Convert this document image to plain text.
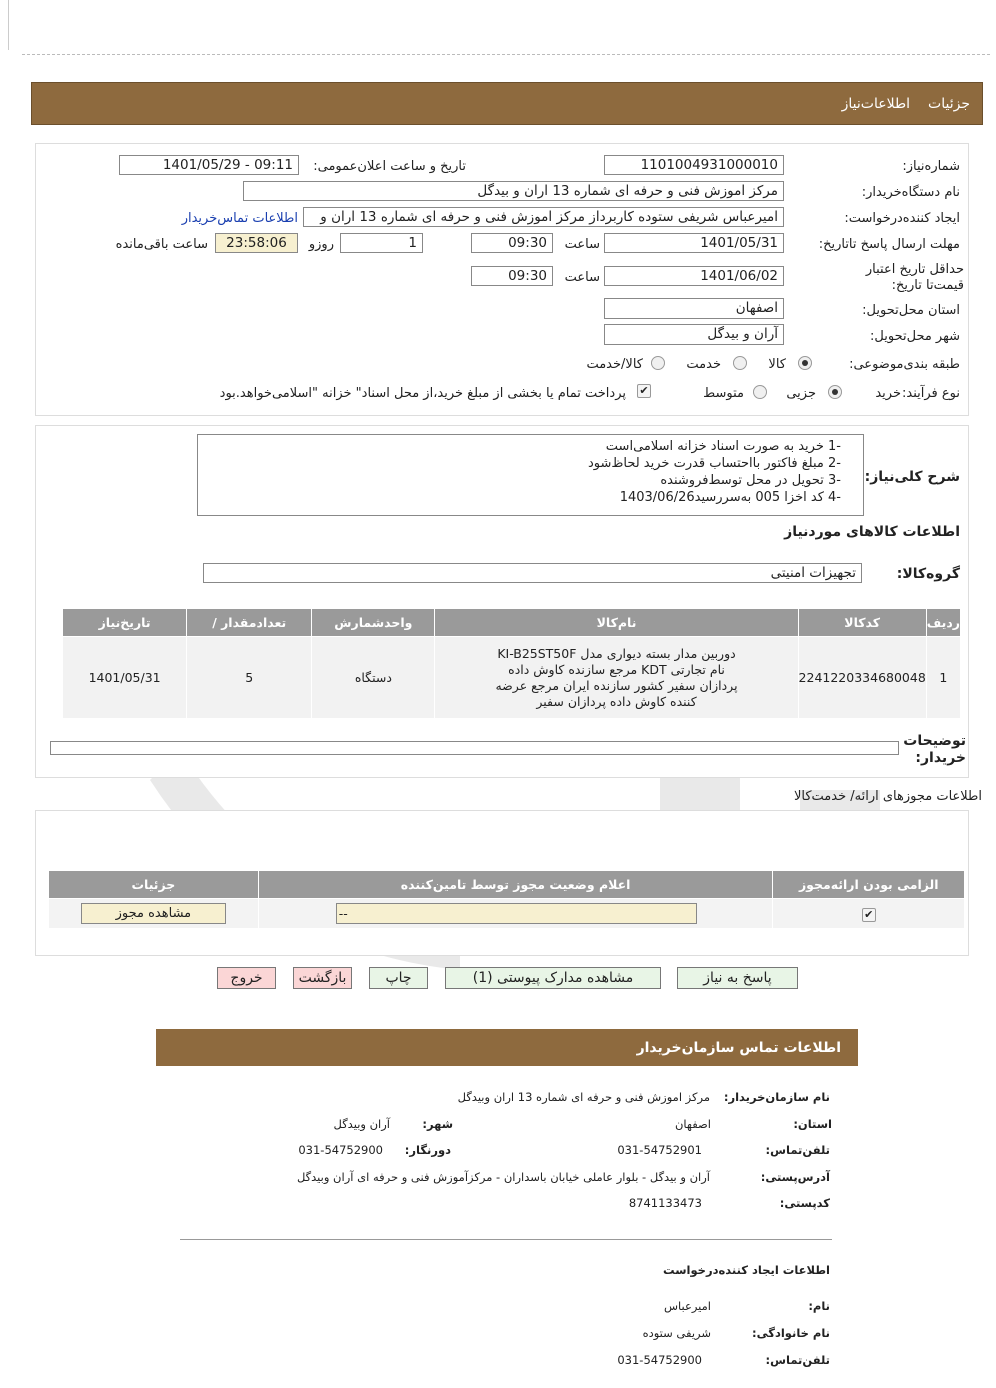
جزئیات
اطلاعات‌نیاز
شماره‌نیاز:
1101004931000010
تاریخ و ساعت اعلان‌عمومی:
1401/05/29 - 09:11
نام دستگاه‌خریدار:
مرکز اموزش فنی و حرفه ای شماره 13 اران و بیدگل
ایجاد کننده‌درخواست:
امیرعباس شریفی ستوده کاربرداز مرکز اموزش فنی و حرفه ای شماره 13 اران و
اطلاعات تماس‌خریدار
مهلت ارسال پاسخ تا‌تاریخ:
1401/05/31
ساعت
09:30
1
روزو
23:58:06
ساعت باقی‌مانده
حداقل تاریخ اعتبار قیمت‌تا تاریخ:
1401/06/02
ساعت
09:30
استان محل‌تحویل:
اصفهان
شهر محل‌تحویل:
آران و بیدگل
طبقه بندی‌موضوعی:
کالا
خدمت
کالا/خدمت
نوع فرآیند:
خرید
جزیی
متوسط
✔
پرداخت تمام یا بخشی از مبلغ خرید،از محل اسناد" خزانه "اسلامی‌خواهد.بود
شرح کلی‌نیاز:
-1 خرید به صورت اسناد خزانه اسلامی‌است
-2 مبلغ فاکتور بااحتساب قدرت خرید لحاظ‌شود
-3 تحویل در محل توسط‌فروشنده
-4 کد اخزا 005 به‌سررسید1403/06/26
اطلاعات کالاهای موردنیاز
گروه‌کالا:
تجهیزات امنیتی
ردیف	کدکالا	نام‌کالا	واحدشمارش	تعدادمقدار /	تاریخ‌نیاز
1	2241220334680048	دوربین مدار بسته دیواری مدل KI-B25ST50F نام تجارتی KDT مرجع سازنده کاوش داده پردازان سفیر کشور سازنده ایران مرجع عرضه کننده کاوش داده پردازان سفیر	دستگاه	5	1401/05/31
توضیحات خریدار:
اطلاعات مجوزهای ارائه/ خدمت‌کالا
الزامی بودن ارائه‌مجوز	اعلام وضعیت مجوز توسط تامین‌کننده	جزئیات
✔	--	مشاهده مجوز
پاسخ به نیاز
مشاهده مدارک پیوستی (1)
چاپ
بازگشت
خروج
اطلاعات تماس سازمان‌خریدار
نام سازمان‌خریدار:
مرکز اموزش فنی و حرفه ای شماره 13 اران وبیدگل
استان:
اصفهان
شهر:
آران وبیدگل
تلفن‌تماس:
031-54752901
دورنگار:
031-54752900
آدرس‌پستی:
آران و بیدگل - بلوار عاملی خیابان باسداران - مرکزآموزش فنی و حرفه ای آران وبیدگل
کد‌پستی:
8741133473
اطلاعات ایجاد کننده‌درخواست
نام:
امیرعباس
نام خانوادگی:
شریفی ستوده
تلفن‌تماس:
031-54752900
